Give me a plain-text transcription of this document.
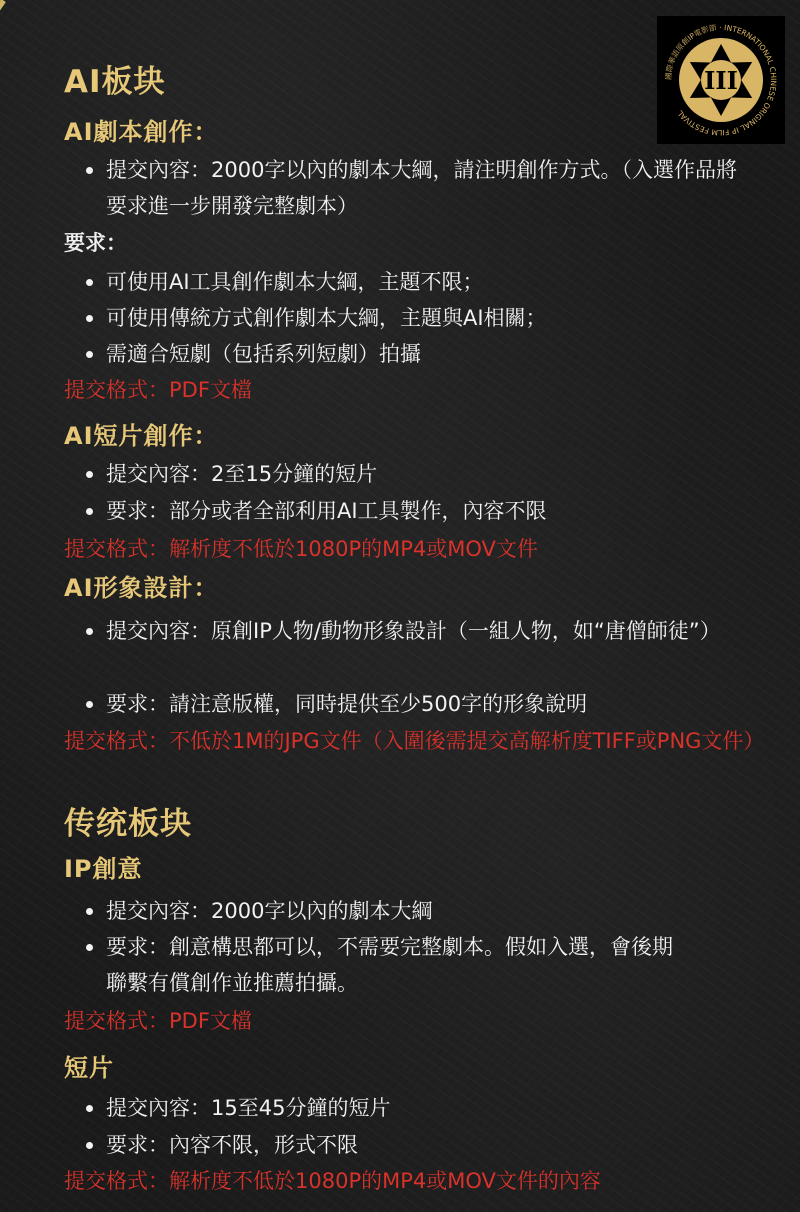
III
國際華語原創IP電影節 · INTERNATIONAL CHINESE ORIGINAL IP FILM FESTIVAL
AI板块
AI劇本創作：
提交內容：2000字以內的劇本大綱，請注明創作方式。（入選作品將要求進一步開發完整劇本）
要求：
可使用AI工具創作劇本大綱，主題不限；
可使用傳統方式創作劇本大綱，主題與AI相關；
需適合短劇（包括系列短劇）拍攝
提交格式：PDF文檔
AI短片創作：
提交內容：2至15分鐘的短片
要求：部分或者全部利用AI工具製作，內容不限
提交格式：解析度不低於1080P的MP4或MOV文件
AI形象設計：
提交內容：原創IP人物/動物形象設計（一組人物，如“唐僧師徒”）
要求：請注意版權，同時提供至少500字的形象說明
提交格式：不低於1M的JPG文件（入圍後需提交高解析度TIFF或PNG文件）
传统板块
IP創意
提交內容：2000字以內的劇本大綱
要求：創意構思都可以，不需要完整劇本。假如入選，會後期聯繫有償創作並推薦拍攝。
提交格式：PDF文檔
短片
提交內容：15至45分鐘的短片
要求：內容不限，形式不限
提交格式：解析度不低於1080P的MP4或MOV文件的內容
